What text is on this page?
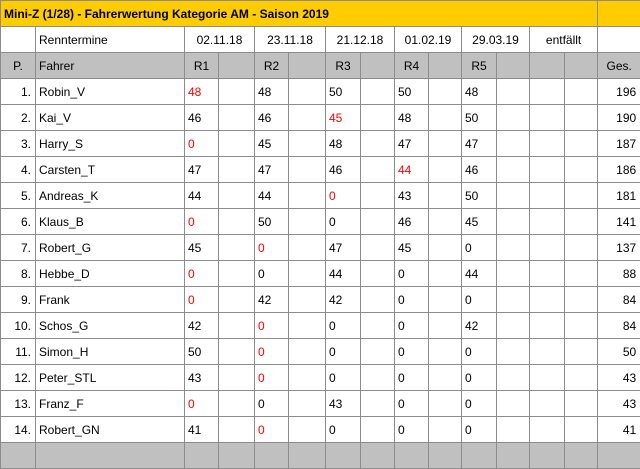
Mini-Z (1/28) - Fahrerwertung Kategorie AM - Saison 2019														
	Renntermine	02.11.18		23.11.18		21.12.18		01.02.19		29.03.19		entfällt		
P.	Fahrer	R1		R2		R3		R4		R5				Ges.
1.	Robin_V	48		48		50		50		48				196
2.	Kai_V	46		46		45		48		50				190
3.	Harry_S	0		45		48		47		47				187
4.	Carsten_T	47		47		46		44		46				186
5.	Andreas_K	44		44		0		43		50				181
6.	Klaus_B	0		50		0		46		45				141
7.	Robert_G	45		0		47		45		0				137
8.	Hebbe_D	0		0		44		0		44				88
9.	Frank	0		42		42		0		0				84
10.	Schos_G	42		0		0		0		42				84
11.	Simon_H	50		0		0		0		0				50
12.	Peter_STL	43		0		0		0		0				43
13.	Franz_F	0		0		43		0		0				43
14.	Robert_GN	41		0		0		0		0				41
